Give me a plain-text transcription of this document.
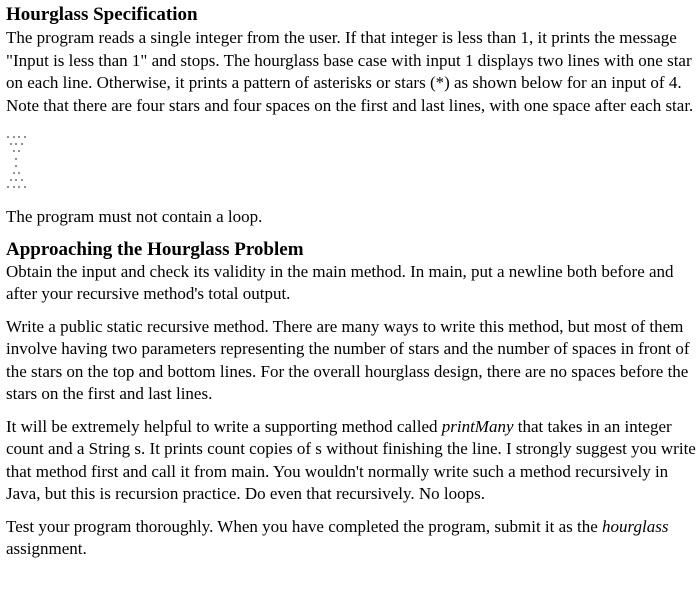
Hourglass Specification

The program reads a single integer from the user. If that integer is less than 1, it prints the message "Input is less than 1" and stops. The hourglass base case with input 1 displays two lines with one star on each line. Otherwise, it prints a pattern of asterisks or stars (*) as shown below for an input of 4. Note that there are four stars and four spaces on the first and last lines, with one space after each star.

The program must not contain a loop.

Approaching the Hourglass Problem

Obtain the input and check its validity in the main method. In main, put a newline both before and after your recursive method's total output.

Write a public static recursive method. There are many ways to write this method, but most of them involve having two parameters representing the number of stars and the number of spaces in front of the stars on the top and bottom lines. For the overall hourglass design, there are no spaces before the stars on the first and last lines.

It will be extremely helpful to write a supporting method called printMany that takes in an integer count and a String s. It prints count copies of s without finishing the line. I strongly suggest you write that method first and call it from main. You wouldn't normally write such a method recursively in Java, but this is recursion practice. Do even that recursively. No loops.

Test your program thoroughly. When you have completed the program, submit it as the hourglass assignment.
